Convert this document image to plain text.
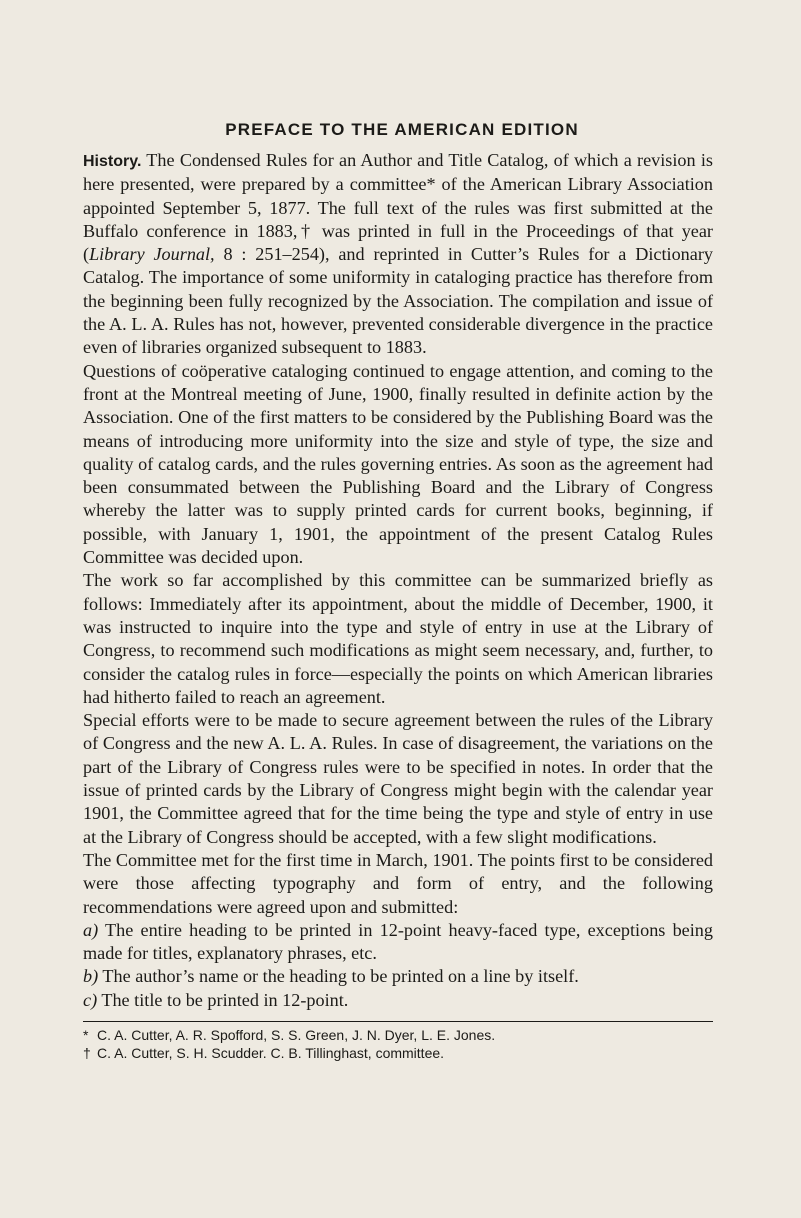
PREFACE TO THE AMERICAN EDITION

History. The Condensed Rules for an Author and Title Catalog, of which a revision is here presented, were prepared by a committee* of the American Library Association appointed September 5, 1877. The full text of the rules was first submitted at the Buffalo conference in 1883,† was printed in full in the Proceedings of that year (Library Journal, 8 : 251–254), and reprinted in Cutter’s Rules for a Dictionary Catalog. The importance of some uniformity in cataloging practice has therefore from the beginning been fully recognized by the Association. The compilation and issue of the A. L. A. Rules has not, however, prevented considerable divergence in the practice even of libraries organized subsequent to 1883.

Questions of coöperative cataloging continued to engage attention, and coming to the front at the Montreal meeting of June, 1900, finally resulted in definite action by the Association. One of the first matters to be considered by the Publishing Board was the means of introducing more uniformity into the size and style of type, the size and quality of catalog cards, and the rules governing entries. As soon as the agreement had been consummated between the Publishing Board and the Library of Congress whereby the latter was to supply printed cards for current books, beginning, if possible, with January 1, 1901, the appointment of the present Catalog Rules Committee was decided upon.

The work so far accomplished by this committee can be summarized briefly as follows: Immediately after its appointment, about the middle of December, 1900, it was instructed to inquire into the type and style of entry in use at the Library of Congress, to recommend such modifications as might seem necessary, and, further, to consider the catalog rules in force—especially the points on which American libraries had hitherto failed to reach an agreement.

Special efforts were to be made to secure agreement between the rules of the Library of Congress and the new A. L. A. Rules. In case of disagreement, the variations on the part of the Library of Congress rules were to be specified in notes. In order that the issue of printed cards by the Library of Congress might begin with the calendar year 1901, the Committee agreed that for the time being the type and style of entry in use at the Library of Congress should be accepted, with a few slight modifications.

The Committee met for the first time in March, 1901. The points first to be considered were those affecting typography and form of entry, and the following recommendations were agreed upon and submitted:

a) The entire heading to be printed in 12-point heavy-faced type, exceptions being made for titles, explanatory phrases, etc.

b) The author’s name or the heading to be printed on a line by itself.

c) The title to be printed in 12-point.

* C. A. Cutter, A. R. Spofford, S. S. Green, J. N. Dyer, L. E. Jones.

† C. A. Cutter, S. H. Scudder. C. B. Tillinghast, committee.
